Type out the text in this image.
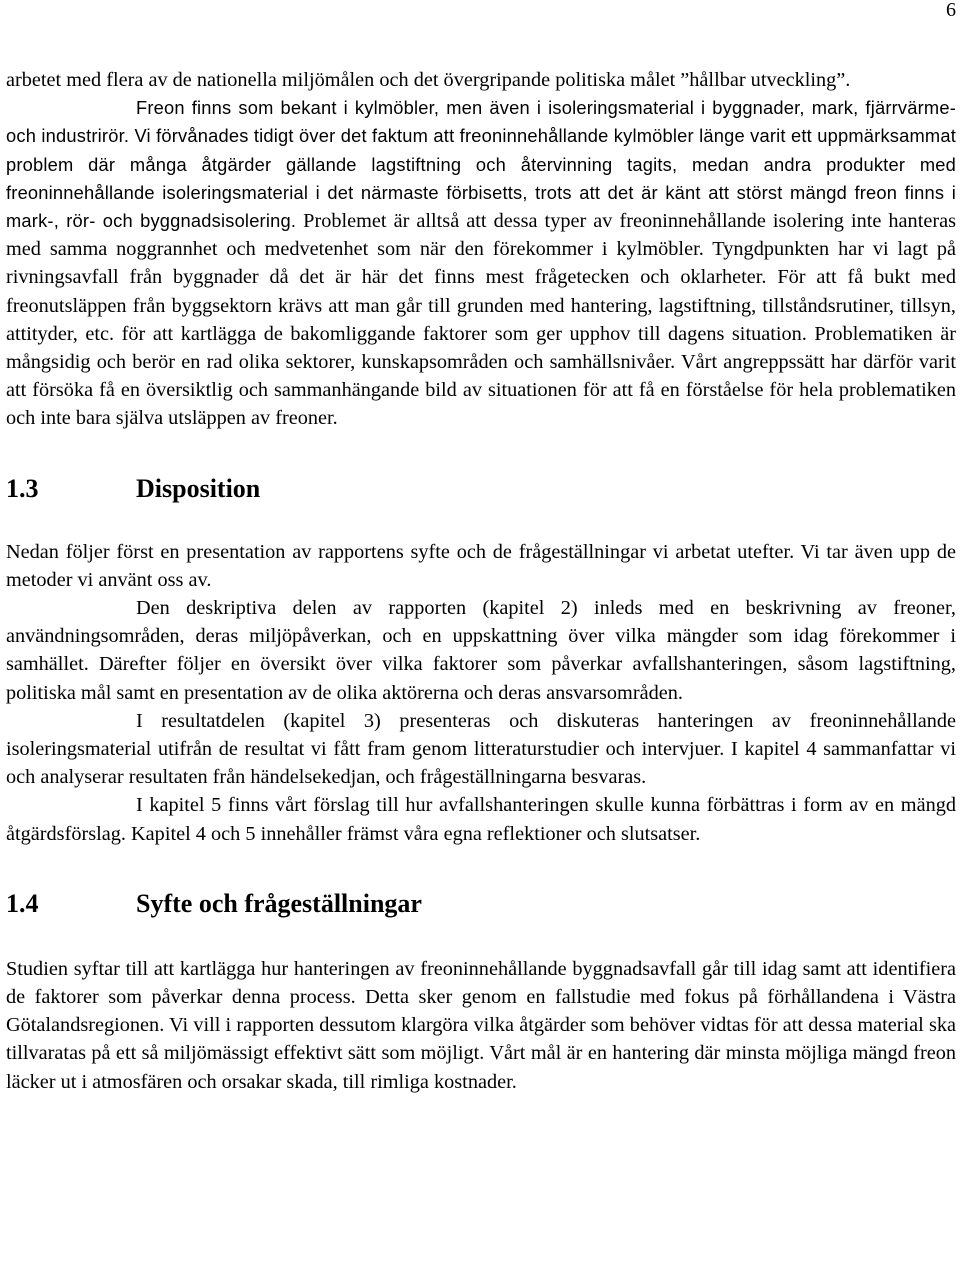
6

arbetet med flera av de nationella miljömålen och det övergripande politiska målet ”hållbar utveckling”.

Freon finns som bekant i kylmöbler, men även i isoleringsmaterial i byggnader, mark, fjärrvärme- och industrirör. Vi förvånades tidigt över det faktum att freoninnehållande kylmöbler länge varit ett uppmärksammat problem där många åtgärder gällande lagstiftning och återvinning tagits, medan andra produkter med freoninnehållande isoleringsmaterial i det närmaste förbisetts, trots att det är känt att störst mängd freon finns i mark-, rör- och byggnadsisolering. Problemet är alltså att dessa typer av freoninnehållande isolering inte hanteras med samma noggrannhet och medvetenhet som när den förekommer i kylmöbler. Tyngdpunkten har vi lagt på rivningsavfall från byggnader då det är här det finns mest frågetecken och oklarheter. För att få bukt med freonutsläppen från byggsektorn krävs att man går till grunden med hantering, lagstiftning, tillståndsrutiner, tillsyn, attityder, etc. för att kartlägga de bakomliggande faktorer som ger upphov till dagens situation. Problematiken är mångsidig och berör en rad olika sektorer, kunskapsområden och samhällsnivåer. Vårt angreppssätt har därför varit att försöka få en översiktlig och sammanhängande bild av situationen för att få en förståelse för hela problematiken och inte bara själva utsläppen av freoner.

1.3	Disposition

Nedan följer först en presentation av rapportens syfte och de frågeställningar vi arbetat utefter. Vi tar även upp de metoder vi använt oss av.

Den deskriptiva delen av rapporten (kapitel 2) inleds med en beskrivning av freoner, användningsområden, deras miljöpåverkan, och en uppskattning över vilka mängder som idag förekommer i samhället. Därefter följer en översikt över vilka faktorer som påverkar avfallshanteringen, såsom lagstiftning, politiska mål samt en presentation av de olika aktörerna och deras ansvarsområden.

I resultatdelen (kapitel 3) presenteras och diskuteras hanteringen av freoninnehållande isoleringsmaterial utifrån de resultat vi fått fram genom litteraturstudier och intervjuer. I kapitel 4 sammanfattar vi och analyserar resultaten från händelsekedjan, och frågeställningarna besvaras.

I kapitel 5 finns vårt förslag till hur avfallshanteringen skulle kunna förbättras i form av en mängd åtgärdsförslag. Kapitel 4 och 5 innehåller främst våra egna reflektioner och slutsatser.

1.4	Syfte och frågeställningar

Studien syftar till att kartlägga hur hanteringen av freoninnehållande byggnadsavfall går till idag samt att identifiera de faktorer som påverkar denna process. Detta sker genom en fallstudie med fokus på förhållandena i Västra Götalandsregionen. Vi vill i rapporten dessutom klargöra vilka åtgärder som behöver vidtas för att dessa material ska tillvaratas på ett så miljömässigt effektivt sätt som möjligt. Vårt mål är en hantering där minsta möjliga mängd freon läcker ut i atmosfären och orsakar skada, till rimliga kostnader.
